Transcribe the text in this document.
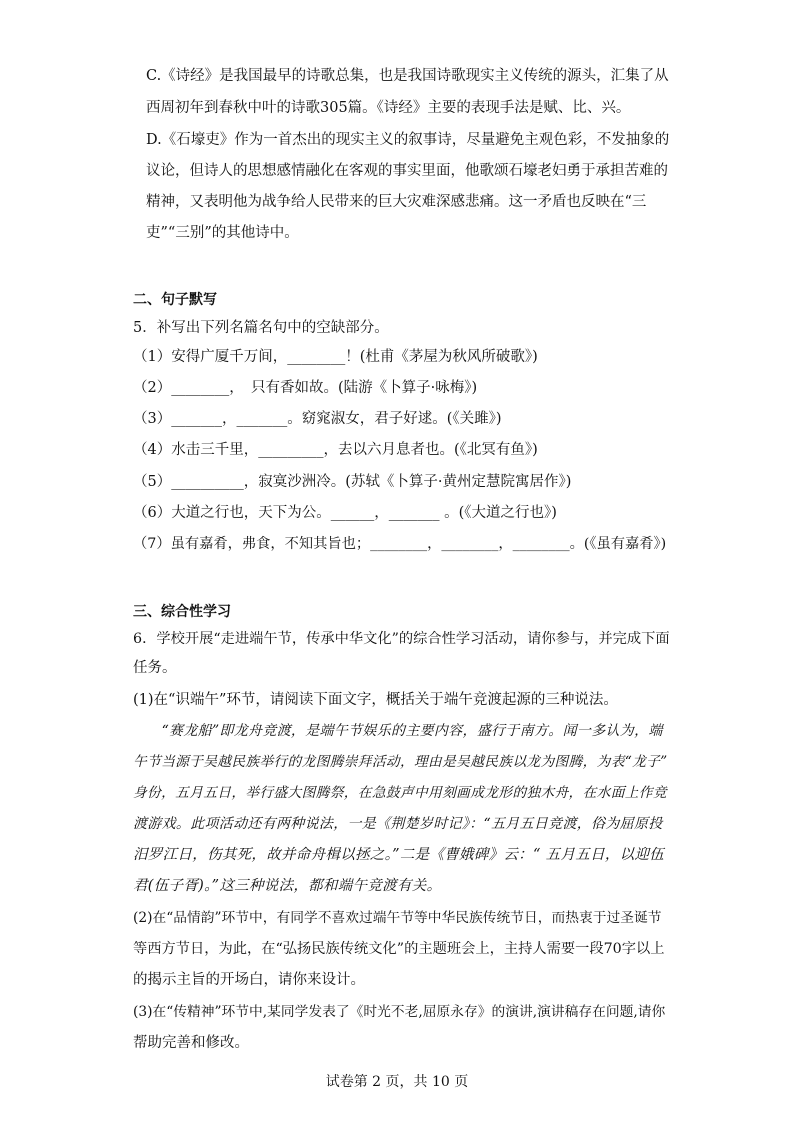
C.《诗经》是我国最早的诗歌总集，也是我国诗歌现实主义传统的源头，汇集了从
西周初年到春秋中叶的诗歌305篇。《诗经》主要的表现手法是赋、比、兴。
D.《石壕吏》作为一首杰出的现实主义的叙事诗，尽量避免主观色彩，不发抽象的
议论，但诗人的思想感情融化在客观的事实里面，他歌颂石壕老妇勇于承担苦难的
精神，又表明他为战争给人民带来的巨大灾难深感悲痛。这一矛盾也反映在“三
吏”“三别”的其他诗中。
二、句子默写
5．补写出下列名篇名句中的空缺部分。
（1）安得广厦千万间，________！(杜甫《茅屋为秋风所破歌》)
（2）________，　只有香如故。(陆游《卜算子·咏梅》)
（3）_______，_______。窈窕淑女，君子好逑。(《关雎》)
（4）水击三千里，_________，去以六月息者也。(《北冥有鱼》)
（5）__________，寂寞沙洲冷。(苏轼《卜算子·黄州定慧院寓居作》)
（6）大道之行也，天下为公。______，_______ 。(《大道之行也》)
（7）虽有嘉肴，弗食，不知其旨也；________，________，________。(《虽有嘉肴》)
三、综合性学习
6．学校开展“走进端午节，传承中华文化”的综合性学习活动，请你参与，并完成下面
任务。
(1)在“识端午”环节，请阅读下面文字，概括关于端午竞渡起源的三种说法。
　　“赛龙船”即龙舟竞渡，是端午节娱乐的主要内容，盛行于南方。闻一多认为，端
午节当源于吴越民族举行的龙图腾崇拜活动，理由是吴越民族以龙为图腾，为表“龙子”
身份，五月五日，举行盛大图腾祭，在急鼓声中用刻画成龙形的独木舟，在水面上作竞
渡游戏。此项活动还有两种说法，一是《荆楚岁时记》：“五月五日竞渡，俗为屈原投
汨罗江日，伤其死，故并命舟楫以拯之。”二是《曹娥碑》云：“ 五月五日，以迎伍
君(伍子胥)。”这三种说法，都和端午竞渡有关。
(2)在“品情韵”环节中，有同学不喜欢过端午节等中华民族传统节日，而热衷于过圣诞节
等西方节日，为此，在“弘扬民族传统文化”的主题班会上，主持人需要一段70字以上
的揭示主旨的开场白，请你来设计。
(3)在“传精神”环节中,某同学发表了《时光不老,屈原永存》的演讲,演讲稿存在问题,请你
帮助完善和修改。
试卷第 2 页，共 10 页
